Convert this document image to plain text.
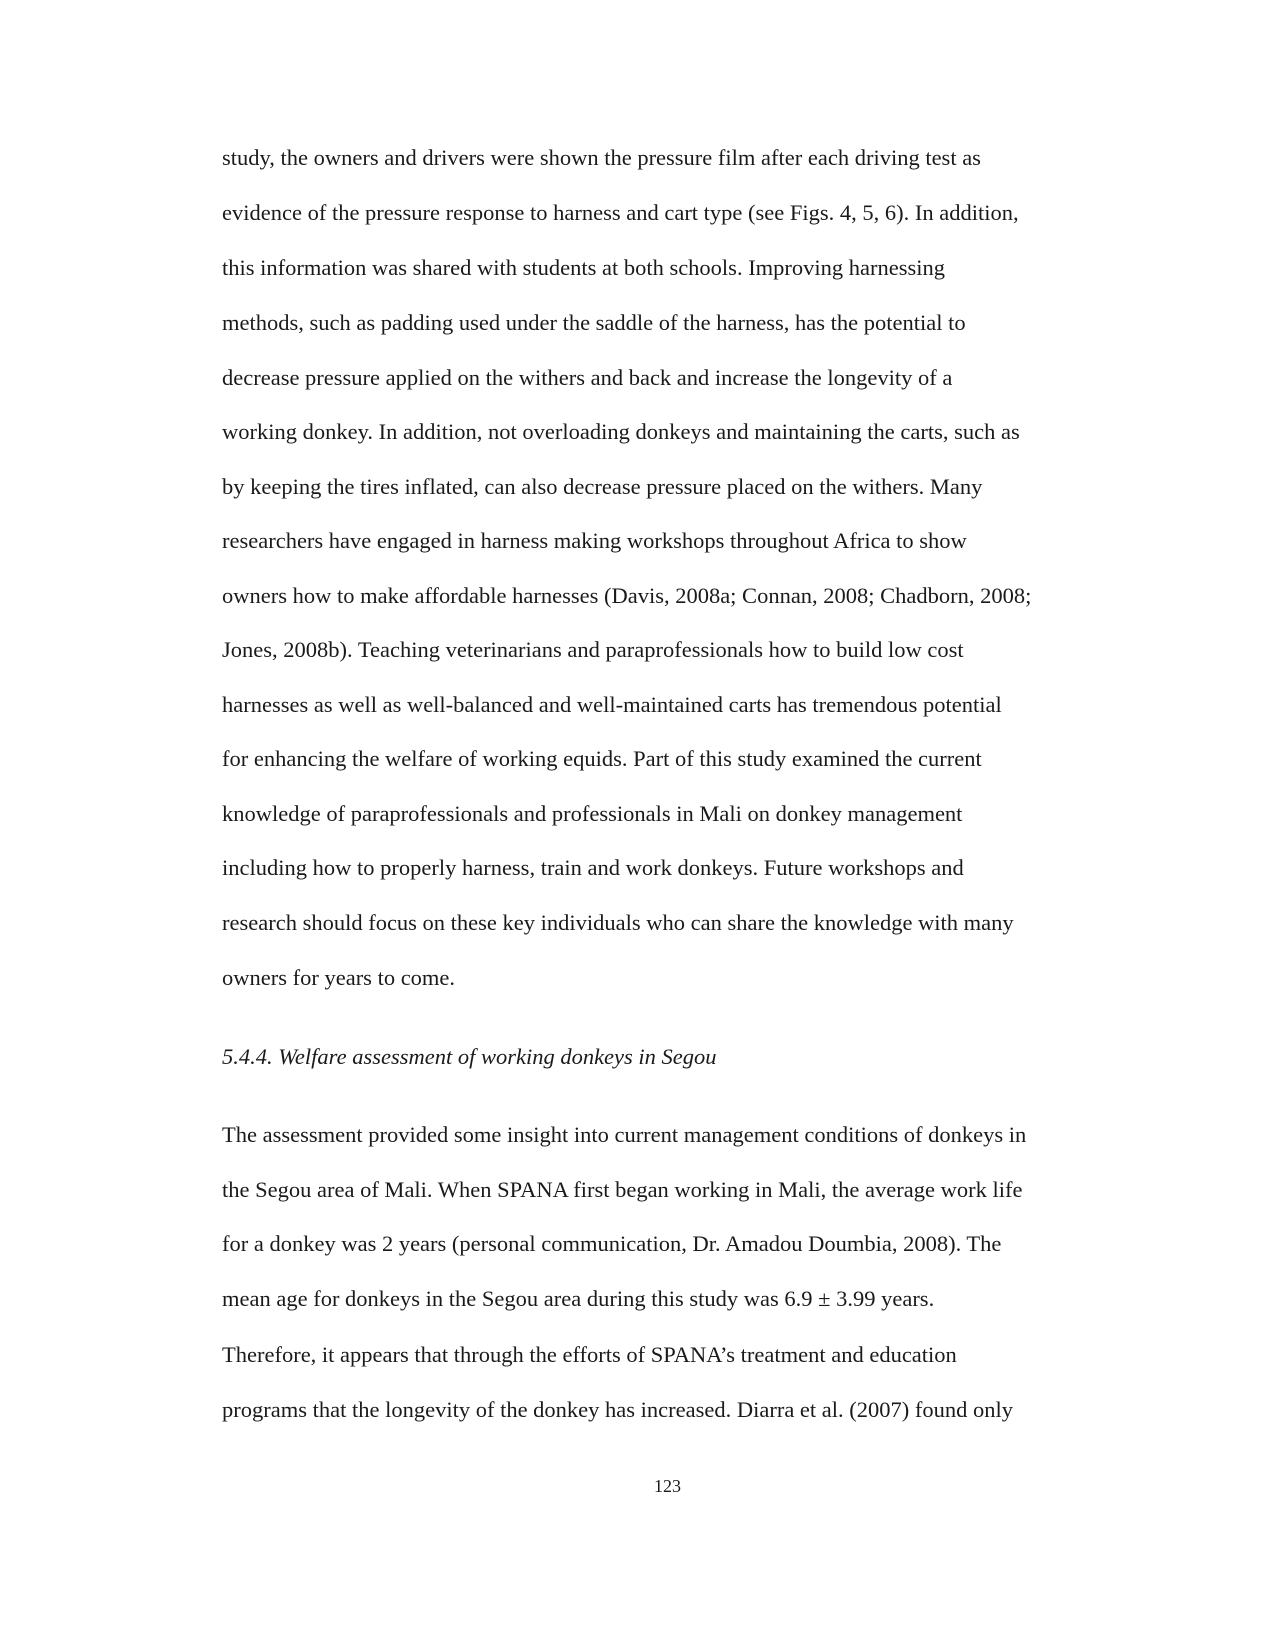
study, the owners and drivers were shown the pressure film after each driving test as

evidence of the pressure response to harness and cart type (see Figs. 4, 5, 6). In addition,

this information was shared with students at both schools. Improving harnessing

methods, such as padding used under the saddle of the harness, has the potential to

decrease pressure applied on the withers and back and increase the longevity of a

working donkey. In addition, not overloading donkeys and maintaining the carts, such as

by keeping the tires inflated, can also decrease pressure placed on the withers. Many

researchers have engaged in harness making workshops throughout Africa to show

owners how to make affordable harnesses (Davis, 2008a; Connan, 2008; Chadborn, 2008;

Jones, 2008b). Teaching veterinarians and paraprofessionals how to build low cost

harnesses as well as well-balanced and well-maintained carts has tremendous potential

for enhancing the welfare of working equids. Part of this study examined the current

knowledge of paraprofessionals and professionals in Mali on donkey management

including how to properly harness, train and work donkeys. Future workshops and

research should focus on these key individuals who can share the knowledge with many

owners for years to come.

5.4.4. Welfare assessment of working donkeys in Segou

The assessment provided some insight into current management conditions of donkeys in

the Segou area of Mali. When SPANA first began working in Mali, the average work life

for a donkey was 2 years (personal communication, Dr. Amadou Doumbia, 2008). The

mean age for donkeys in the Segou area during this study was 6.9 ± 3.99 years.

Therefore, it appears that through the efforts of SPANA’s treatment and education

programs that the longevity of the donkey has increased. Diarra et al. (2007) found only

123
